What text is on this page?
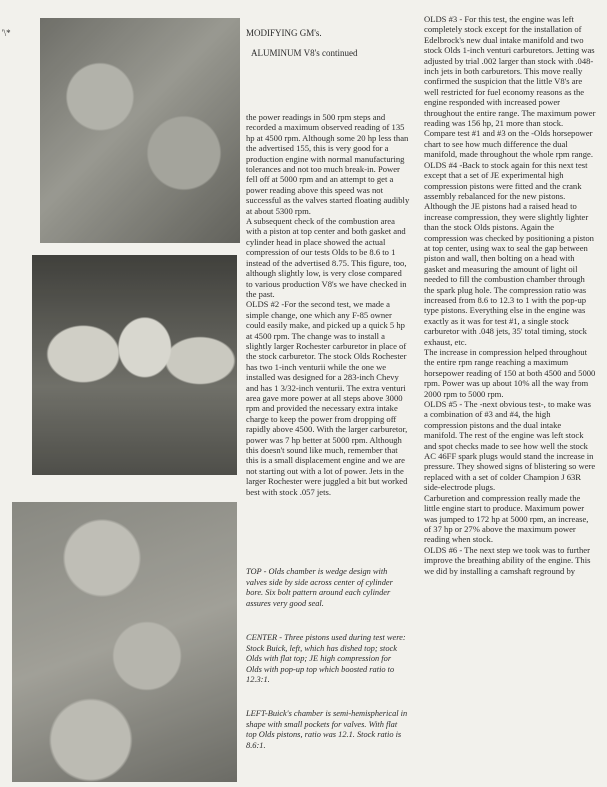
'\*	MODIFYING GM's.
ALUMINUM V8's continued

the power readings in 500 rpm steps and recorded a maximum observed reading of 135 hp at 4500 rpm. Although some 20 hp less than the advertised 155, this is very good for a production engine with normal manufacturing tolerances and not too much break-in. Power fell off at 5000 rpm and an attempt to get a power reading above this speed was not successful as the valves started floating audibly at about 5300 rpm.

A subsequent check of the combustion area with a piston at top center and both gasket and cylinder head in place showed the actual compression of our tests Olds to be 8.6 to 1 instead of the advertised 8.75. This figure, too, although slightly low, is very close compared to various production V8's we have checked in the past.

OLDS #2 -For the second test, we made a simple change, one which any F-85 owner could easily make, and picked up a quick 5 hp at 4500 rpm. The change was to install a slightly larger Rochester carburetor in place of the stock carburetor. The stock Olds Rochester has two 1-inch venturii while the one we installed was designed for a 283-inch Chevy and has 1 3/32-inch venturii. The extra venturi area gave more power at all steps above 3000 rpm and provided the necessary extra intake charge to keep the power from dropping off rapidly above 4500. With the larger carburetor, power was 7 hp better at 5000 rpm. Although this doesn't sound like much, remember that this is a small displacement engine and we are not starting out with a lot of power. Jets in the larger Rochester were juggled a bit but worked best with stock .057 jets.

TOP - Olds chamber is wedge design with valves side by side across center of cylinder bore. Six bolt pattern around each cylinder assures very good seal.
CENTER - Three pistons used during test were: Stock Buick, left, which has dished top; stock Olds with flat top; JE high compression for Olds with pop-up top which boosted ratio to 12.3:1.
LEFT-Buick's chamber is semi-hemispherical in shape with small pockets for valves. With flat top Olds pistons, ratio was 12.1. Stock ratio is 8.6:1.

OLDS #3 - For this test, the engine was left completely stock except for the installation of Edelbrock's new dual intake manifold and two stock Olds 1-inch venturi carburetors. Jetting was adjusted by trial .002 larger than stock with .048-inch jets in both carburetors. This move really confirmed the suspicion that the little V8's are well restricted for fuel economy reasons as the engine responded with increased power throughout the entire range. The maximum power reading was 156 hp, 21 more than stock. Compare test #1 and #3 on the -Olds horsepower chart to see how much difference the dual manifold, made throughout the whole rpm range.

OLDS #4 -Back to stock again for this next test except that a set of JE experimental high compression pistons were fitted and the crank assembly rebalanced for the new pistons. Although the JE pistons had a raised head to increase compression, they were slightly lighter than the stock Olds pistons. Again the compression was checked by positioning a piston at top center, using wax to seal the gap between piston and wall, then bolting on a head with gasket and measuring the amount of light oil needed to fill the combustion chamber through the spark plug hole. The compression ratio was increased from 8.6 to 12.3 to 1 with the pop-up type pistons. Everything else in the engine was exactly as it was for test #1, a single stock carburetor with .048 jets, 35' total timing, stock exhaust, etc.

The increase in compression helped throughout the entire rpm range reaching a maximum horsepower reading of 150 at both 4500 and 5000 rpm. Power was up about 10% all the way from 2000 rpm to 5000 rpm.

OLDS #5 - The -next obvious test-, to make was a combination of #3 and #4, the high compression pistons and the dual intake manifold. The rest of the engine was left stock and spot checks made to see how well the stock AC 46FF spark plugs would stand the increase in pressure. They showed signs of blistering so were replaced with a set of colder Champion J 63R side-electrode plugs.

Carburetion and compression really made the little engine start to produce. Maximum power was jumped to 172 hp at 5000 rpm, an increase, of 37 hp or 27% above the maximum power reading when stock.

OLDS #6 - The next step we took was to further improve the breathing ability of the engine. This we did by installing a camshaft reground by
